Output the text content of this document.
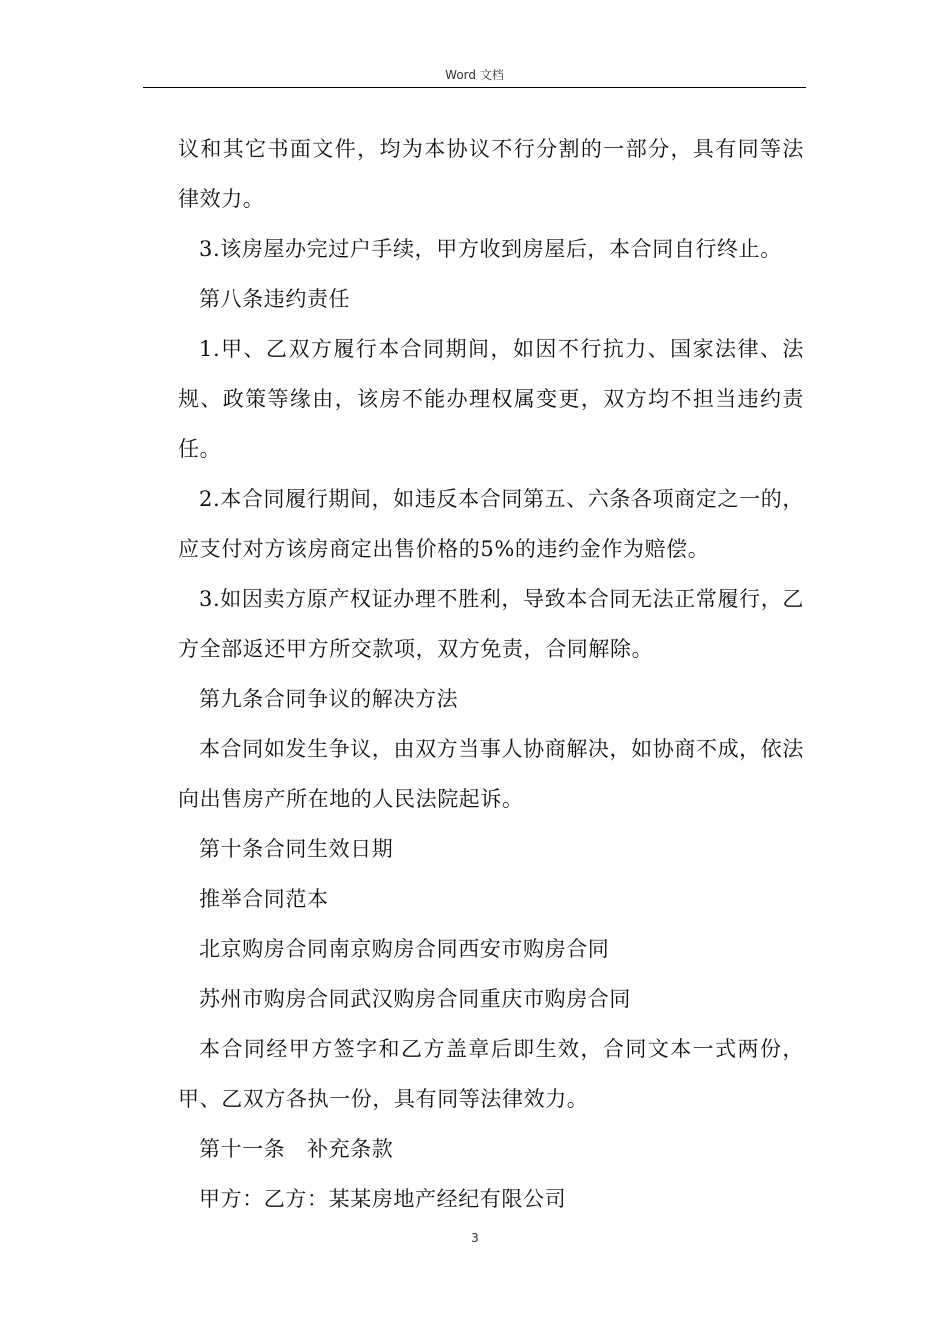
Word 文档

议和其它书面文件，均为本协议不行分割的一部分，具有同等法律效力。

3.该房屋办完过户手续，甲方收到房屋后，本合同自行终止。

第八条违约责任

1.甲、乙双方履行本合同期间，如因不行抗力、国家法律、法规、政策等缘由，该房不能办理权属变更，双方均不担当违约责任。

2.本合同履行期间，如违反本合同第五、六条各项商定之一的，应支付对方该房商定出售价格的5%的违约金作为赔偿。

3.如因卖方原产权证办理不胜利，导致本合同无法正常履行，乙方全部返还甲方所交款项，双方免责，合同解除。

第九条合同争议的解决方法

本合同如发生争议，由双方当事人协商解决，如协商不成，依法向出售房产所在地的人民法院起诉。

第十条合同生效日期

推举合同范本

北京购房合同南京购房合同西安市购房合同

苏州市购房合同武汉购房合同重庆市购房合同

本合同经甲方签字和乙方盖章后即生效，合同文本一式两份，甲、乙双方各执一份，具有同等法律效力。

第十一条　补充条款

甲方：乙方：某某房地产经纪有限公司

3
